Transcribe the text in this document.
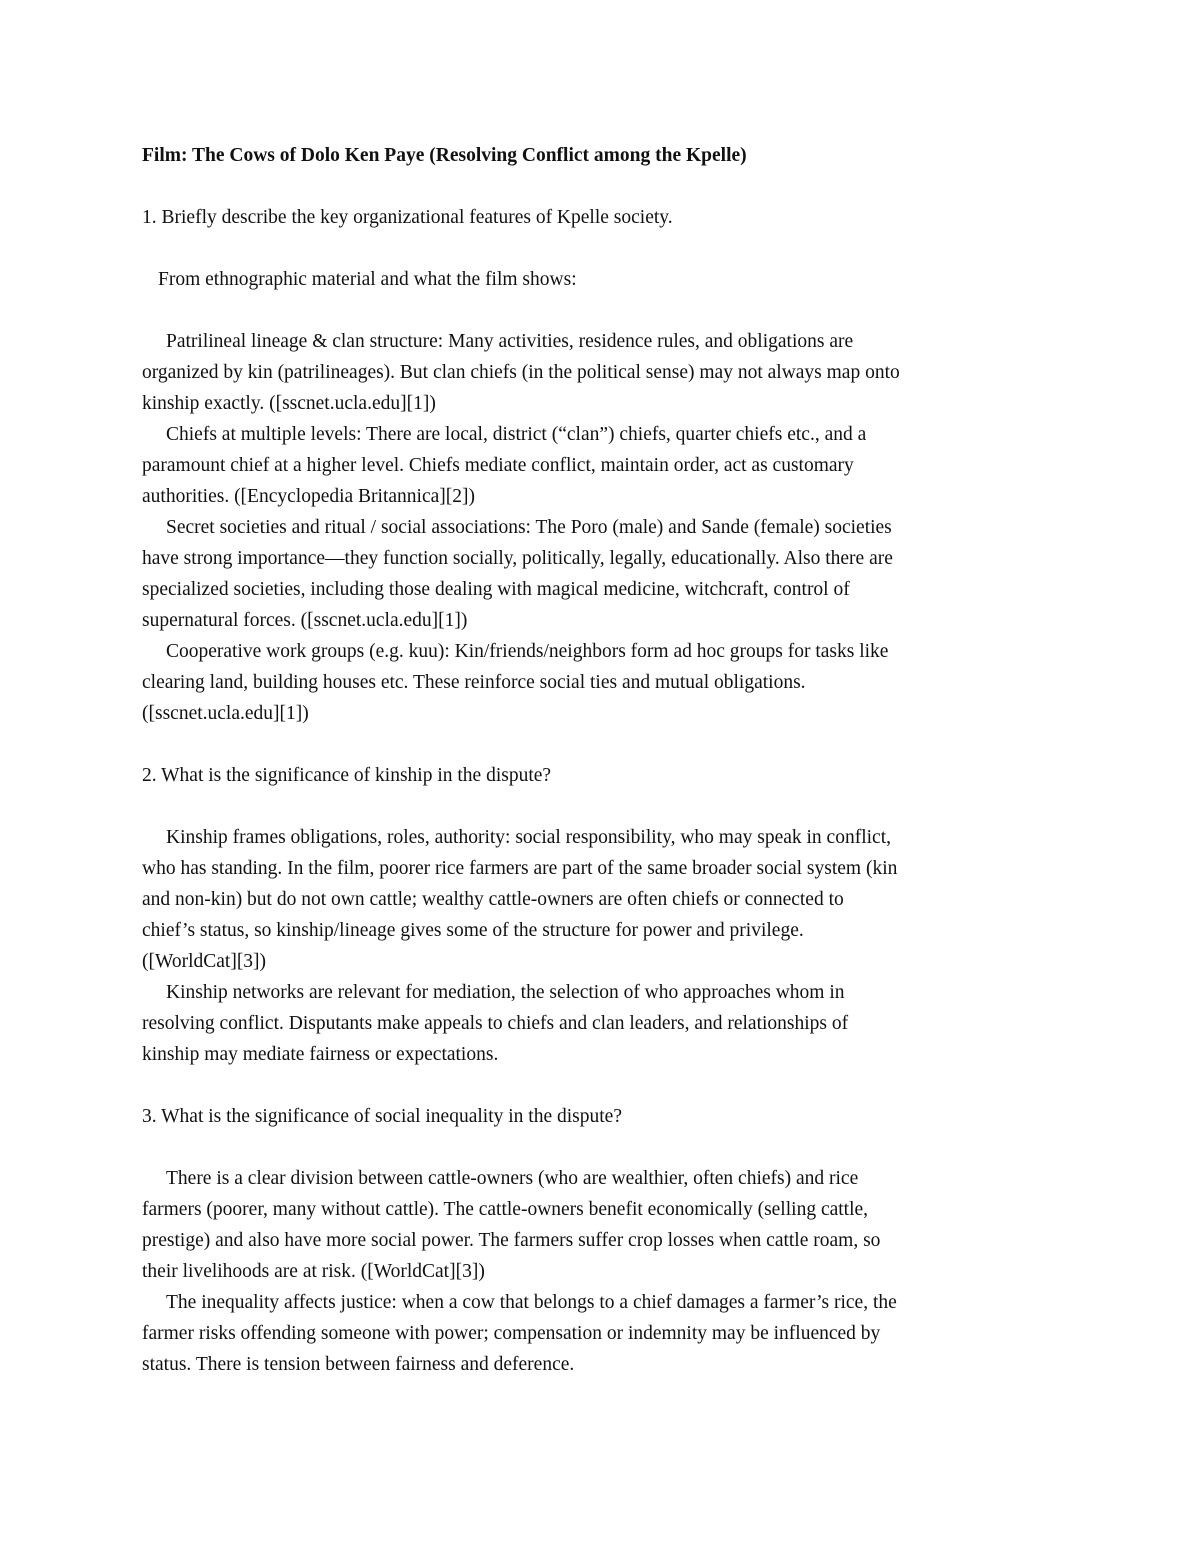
Film: The Cows of Dolo Ken Paye (Resolving Conflict among the Kpelle)
1. Briefly describe the key organizational features of Kpelle society.
From ethnographic material and what the film shows:
Patrilineal lineage & clan structure: Many activities, residence rules, and obligations are
organized by kin (patrilineages). But clan chiefs (in the political sense) may not always map onto
kinship exactly. ([sscnet.ucla.edu][1])
Chiefs at multiple levels: There are local, district (“clan”) chiefs, quarter chiefs etc., and a
paramount chief at a higher level. Chiefs mediate conflict, maintain order, act as customary
authorities. ([Encyclopedia Britannica][2])
Secret societies and ritual / social associations: The Poro (male) and Sande (female) societies
have strong importance—they function socially, politically, legally, educationally. Also there are
specialized societies, including those dealing with magical medicine, witchcraft, control of
supernatural forces. ([sscnet.ucla.edu][1])
Cooperative work groups (e.g. kuu): Kin/friends/neighbors form ad hoc groups for tasks like
clearing land, building houses etc. These reinforce social ties and mutual obligations.
([sscnet.ucla.edu][1])
2. What is the significance of kinship in the dispute?
Kinship frames obligations, roles, authority: social responsibility, who may speak in conflict,
who has standing. In the film, poorer rice farmers are part of the same broader social system (kin
and non-kin) but do not own cattle; wealthy cattle-owners are often chiefs or connected to
chief’s status, so kinship/lineage gives some of the structure for power and privilege.
([WorldCat][3])
Kinship networks are relevant for mediation, the selection of who approaches whom in
resolving conflict. Disputants make appeals to chiefs and clan leaders, and relationships of
kinship may mediate fairness or expectations.
3. What is the significance of social inequality in the dispute?
There is a clear division between cattle-owners (who are wealthier, often chiefs) and rice
farmers (poorer, many without cattle). The cattle-owners benefit economically (selling cattle,
prestige) and also have more social power. The farmers suffer crop losses when cattle roam, so
their livelihoods are at risk. ([WorldCat][3])
The inequality affects justice: when a cow that belongs to a chief damages a farmer’s rice, the
farmer risks offending someone with power; compensation or indemnity may be influenced by
status. There is tension between fairness and deference.
